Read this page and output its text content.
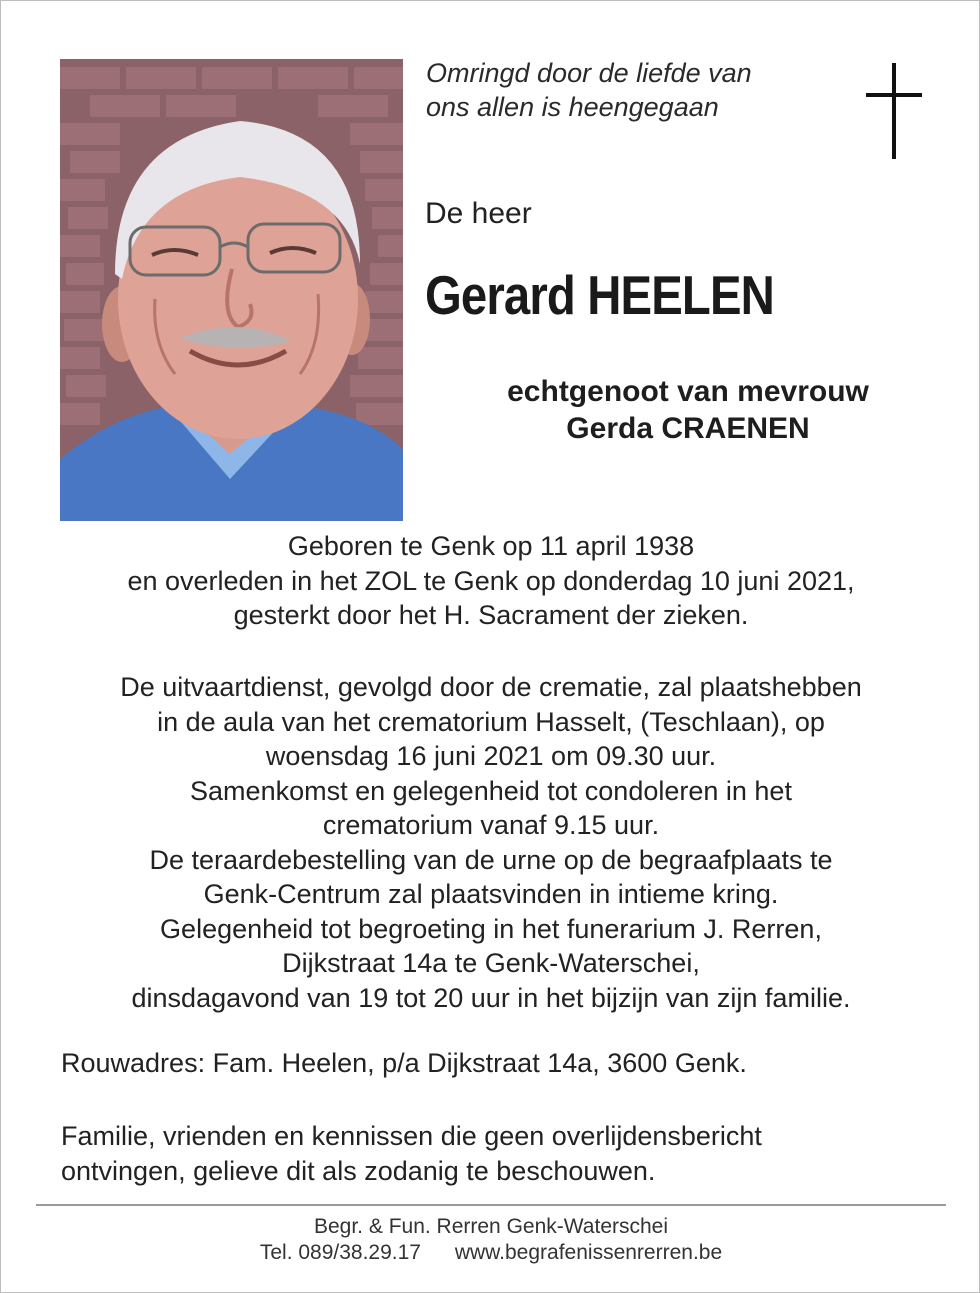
Omringd door de liefde van
ons allen is heengegaan
De heer
Gerard HEELEN
echtgenoot van mevrouw
Gerda CRAENEN
Geboren te Genk op 11 april 1938
en overleden in het ZOL te Genk op donderdag 10 juni 2021,
gesterkt door het H. Sacrament der zieken.
De uitvaartdienst, gevolgd door de crematie, zal plaatshebben
in de aula van het crematorium Hasselt, (Teschlaan), op
woensdag 16 juni 2021 om 09.30 uur.
Samenkomst en gelegenheid tot condoleren in het
crematorium vanaf 9.15 uur.
De teraardebestelling van de urne op de begraafplaats te
Genk-Centrum zal plaatsvinden in intieme kring.
Gelegenheid tot begroeting in het funerarium J. Rerren,
Dijkstraat 14a te Genk-Waterschei,
dinsdagavond van 19 tot 20 uur in het bijzijn van zijn familie.
Rouwadres: Fam. Heelen, p/a Dijkstraat 14a, 3600 Genk.
Familie, vrienden en kennissen die geen overlijdensbericht
ontvingen, gelieve dit als zodanig te beschouwen.
Begr. & Fun. Rerren Genk-Waterschei
Tel. 089/38.29.17 www.begrafenissenrerren.be
